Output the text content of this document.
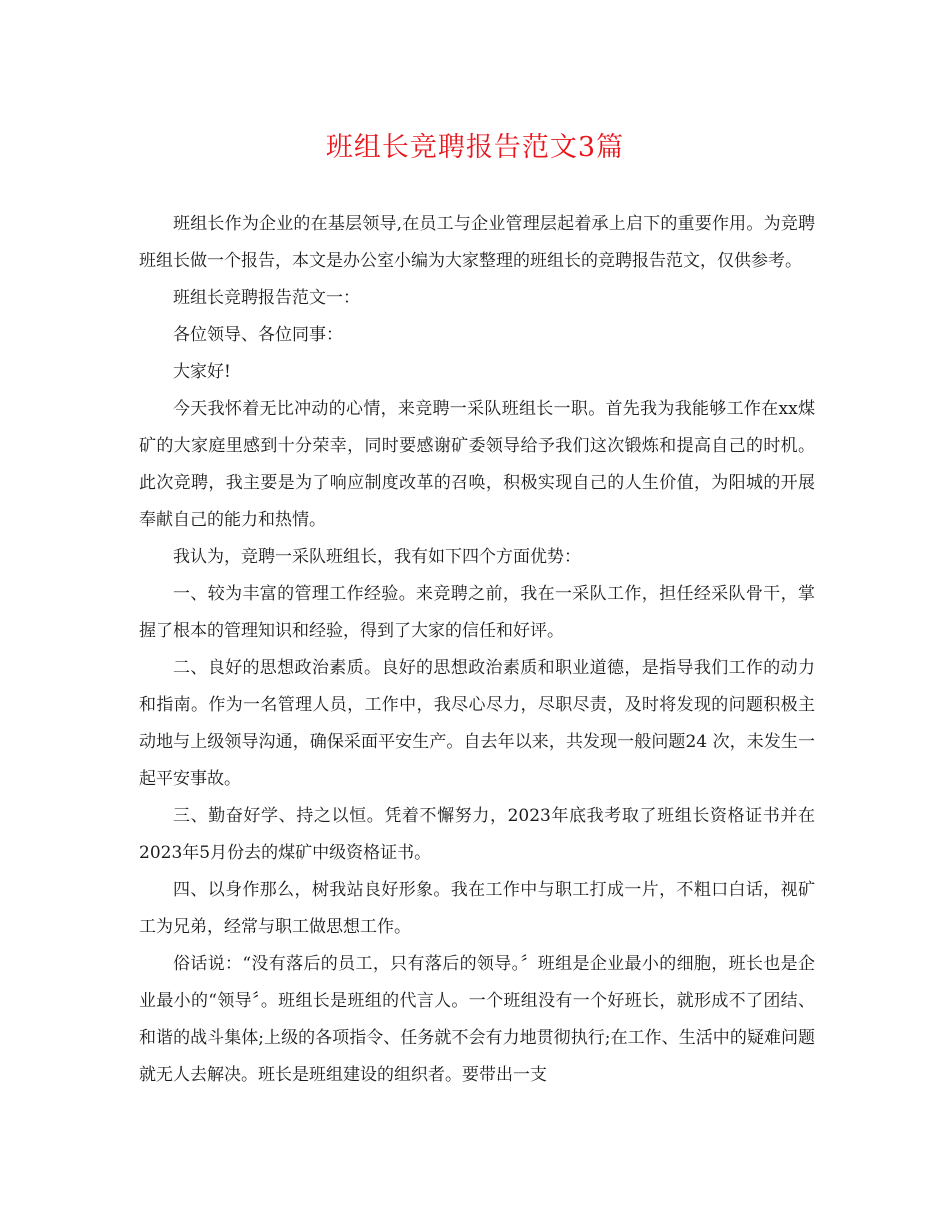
班组长竞聘报告范文3篇

班组长作为企业的在基层领导,在员工与企业管理层起着承上启下的重要作用。为竞聘班组长做一个报告，本文是办公室小编为大家整理的班组长的竞聘报告范文，仅供参考。

班组长竞聘报告范文一：

各位领导、各位同事：

大家好!

今天我怀着无比冲动的心情，来竞聘一采队班组长一职。首先我为我能够工作在xx煤矿的大家庭里感到十分荣幸，同时要感谢矿委领导给予我们这次锻炼和提高自己的时机。此次竞聘，我主要是为了响应制度改革的召唤，积极实现自己的人生价值，为阳城的开展奉献自己的能力和热情。

我认为，竞聘一采队班组长，我有如下四个方面优势：

一、较为丰富的管理工作经验。来竞聘之前，我在一采队工作，担任经采队骨干，掌握了根本的管理知识和经验，得到了大家的信任和好评。

二、良好的思想政治素质。良好的思想政治素质和职业道德，是指导我们工作的动力和指南。作为一名管理人员，工作中，我尽心尽力，尽职尽责，及时将发现的问题积极主动地与上级领导沟通，确保采面平安生产。自去年以来，共发现一般问题24 次，未发生一起平安事故。

三、勤奋好学、持之以恒。凭着不懈努力，2023年底我考取了班组长资格证书并在2023年5月份去的煤矿中级资格证书。

四、以身作那么，树我站良好形象。我在工作中与职工打成一片，不粗口白话，视矿工为兄弟，经常与职工做思想工作。

俗话说：“没有落后的员工，只有落后的领导。〞班组是企业最小的细胞，班长也是企业最小的“领导〞。班组长是班组的代言人。一个班组没有一个好班长，就形成不了团结、和谐的战斗集体;上级的各项指令、任务就不会有力地贯彻执行;在工作、生活中的疑难问题就无人去解决。班长是班组建设的组织者。要带出一支
